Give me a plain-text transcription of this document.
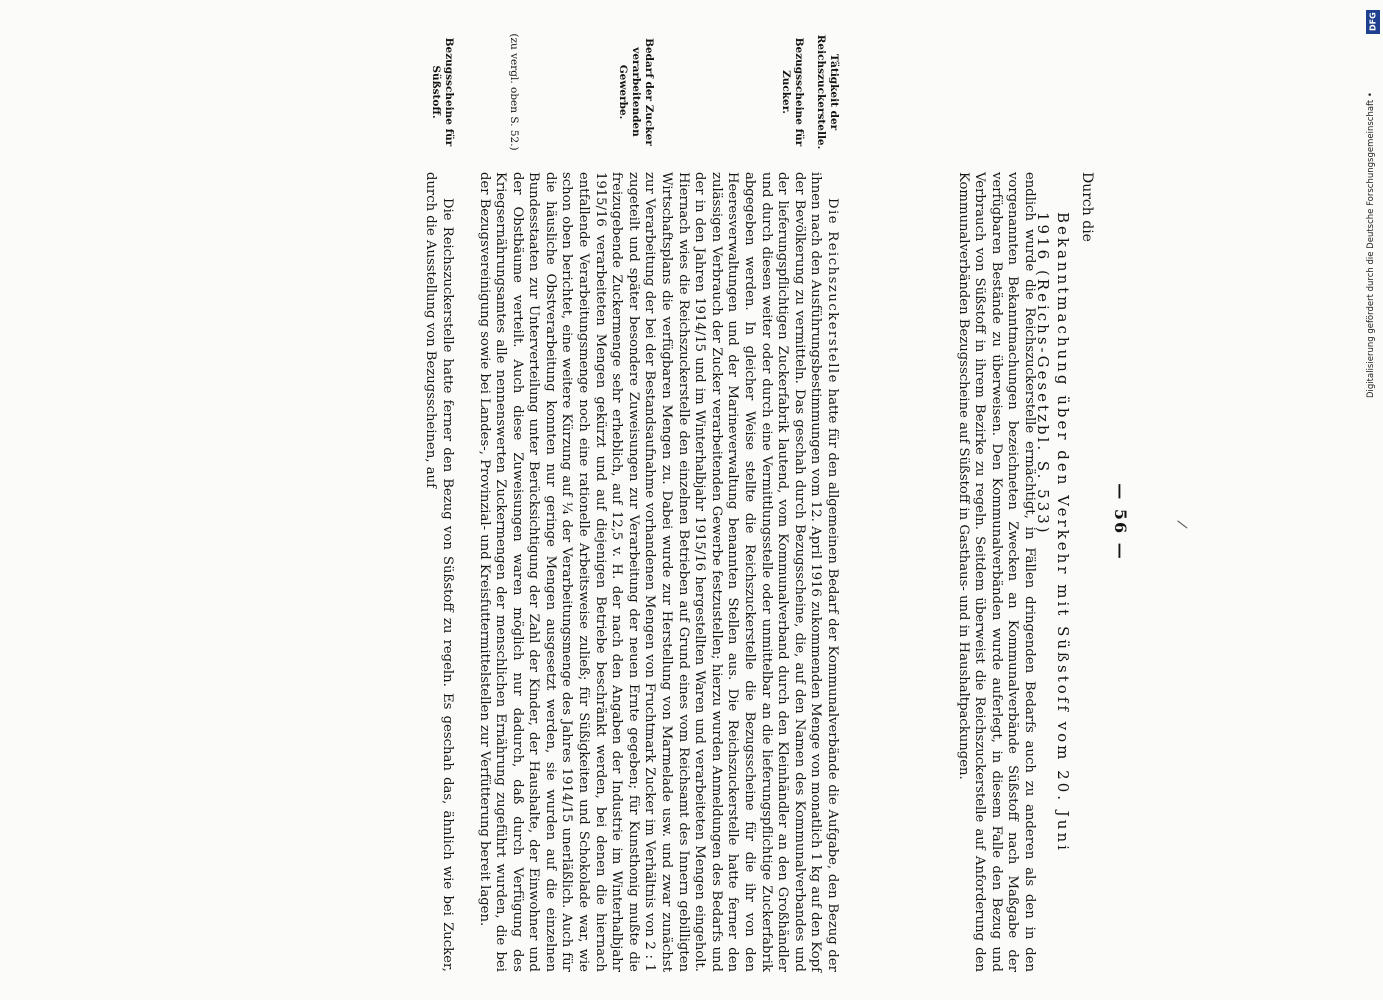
— 56 —	/
Durch die
Bekanntmachung über den Verkehr mit Süßstoff vom 20. Juni
1916 (Reichs-Gesetzbl. S. 533)

endlich wurde die Reichszuckerstelle ermächtigt, in Fällen dringenden Bedarfs auch zu anderen als den in den vorgenannten Bekanntmachungen bezeichneten Zwecken an Kommunalverbände Süßstoff nach Maßgabe der verfügbaren Bestände zu überweisen. Den Kommunalverbänden wurde auferlegt, in diesem Falle den Bezug und Verbrauch von Süßstoff in ihrem Bezirke zu regeln. Seitdem überweist die Reichszuckerstelle auf Anforderung den Kommunalverbänden Bezugsscheine auf Süßstoff in Gasthaus- und in Haushaltpackungen.

Die Reichszuckerstelle hatte für den allgemeinen Bedarf der Kommunalverbände die Aufgabe, den Bezug der ihnen nach den Ausführungsbestimmungen vom 12. April 1916 zukommenden Menge von monatlich 1 kg auf den Kopf der Bevölkerung zu vermitteln. Das geschah durch Bezugsscheine, die, auf den Namen des Kommunalverbandes und der lieferungspflichtigen Zuckerfabrik lautend, vom Kommunalverband durch den Kleinhändler an den Großhändler und durch diesen weiter oder durch eine Vermittlungsstelle oder unmittelbar an die lieferungspflichtige Zuckerfabrik abgegeben werden. In gleicher Weise stellte die Reichszuckerstelle die Bezugsscheine für die ihr von den Heeresverwaltungen und der Marineverwaltung benannten Stellen aus. Die Reichszuckerstelle hatte ferner den zulässigen Verbrauch der Zucker verarbeitenden Gewerbe festzustellen; hierzu wurden Anmeldungen des Bedarfs und der in den Jahren 1914/15 und im Winterhalbjahr 1915/16 hergestellten Waren und verarbeiteten Mengen eingeholt. Hiernach wies die Reichszuckerstelle den einzelnen Betrieben auf Grund eines vom Reichsamt des Innern gebilligten Wirtschaftsplans die verfügbaren Mengen zu. Dabei wurde zur Herstellung von Marmelade usw. und zwar zunächst zur Verarbeitung der bei der Bestandsaufnahme vorhandenen Mengen von Fruchtmark Zucker im Verhältnis von 2 : 1 zugeteilt und später besondere Zuweisungen zur Verarbeitung der neuen Ernte gegeben; für Kunsthonig mußte die freizugebende Zuckermenge sehr erheblich, auf 12,5 v. H. der nach den Angaben der Industrie im Winterhalbjahr 1915/16 verarbeiteten Mengen gekürzt und auf diejenigen Betriebe beschränkt werden, bei denen die hiernach entfallende Verarbeitungsmenge noch eine rationelle Arbeitsweise zuließ; für Süßigkeiten und Schokolade war, wie schon oben berichtet, eine weitere Kürzung auf ¼ der Verarbeitungsmenge des Jahres 1914/15 unerläßlich. Auch für die häusliche Obstverarbeitung konnten nur geringe Mengen ausgesetzt werden, sie wurden auf die einzelnen Bundesstaaten zur Unterverteilung unter Berücksichtigung der Zahl der Kinder, der Haushalte, der Einwohner und der Obstbäume verteilt. Auch diese Zuweisungen waren möglich nur dadurch, daß durch Verfügung des Kriegsernährungsamtes alle nennenswerten Zuckermengen der menschlichen Ernährung zugeführt wurden, die bei der Bezugsvereinigung sowie bei Landes-, Provinzial- und Kreisfuttermittelstellen zur Verfütterung bereit lagen.

Die Reichszuckerstelle hatte ferner den Bezug von Süßstoff zu regeln. Es geschah das, ähnlich wie bei Zucker, durch die Ausstellung von Bezugsscheinen, auf

Tätigkeit der Reichszuckerstelle.
Bezugsscheine für Zucker.
Bedarf der Zucker verarbeitenden Gewerbe.
(zu vergl. oben S. 52.)
Bezugsscheine für Süßstoff.
DFG
Digitalisierung gefördert durch die Deutsche Forschungsgemeinschaft •
